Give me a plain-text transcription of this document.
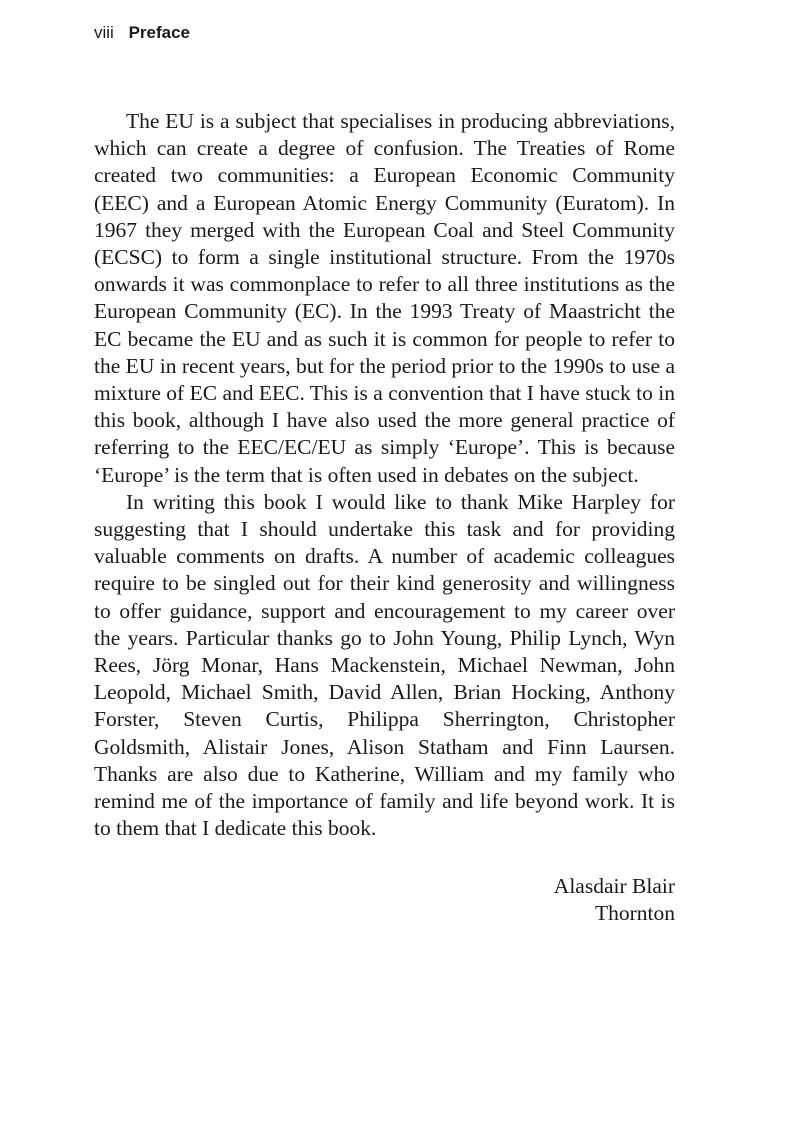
viii Preface

The EU is a subject that specialises in producing abbreviations, which can create a degree of confusion. The Treaties of Rome created two communities: a European Economic Community (EEC) and a European Atomic Energy Community (Euratom). In 1967 they merged with the European Coal and Steel Community (ECSC) to form a single institutional structure. From the 1970s onwards it was commonplace to refer to all three institutions as the European Community (EC). In the 1993 Treaty of Maastricht the EC became the EU and as such it is common for people to refer to the EU in recent years, but for the period prior to the 1990s to use a mixture of EC and EEC. This is a convention that I have stuck to in this book, although I have also used the more general practice of referring to the EEC/EC/​EU as simply ‘Europe’. This is because ‘Europe’ is the term that is often used in debates on the subject.

In writing this book I would like to thank Mike Harpley for suggesting that I should undertake this task and for providing valuable comments on drafts. A number of academic colleagues require to be singled out for their kind generosity and willingness to offer guidance, support and encouragement to my career over the years. Particular thanks go to John Young, Philip Lynch, Wyn Rees, Jörg Monar, Hans Mackenstein, Michael Newman, John Leopold, Michael Smith, David Allen, Brian Hocking, Anthony Forster, Steven Curtis, Philippa Sherrington, Christopher Goldsmith, Alistair Jones, Alison Statham and Finn Laursen. Thanks are also due to Katherine, William and my family who remind me of the importance of family and life beyond work. It is to them that I dedicate this book.

Alasdair Blair
Thornton
